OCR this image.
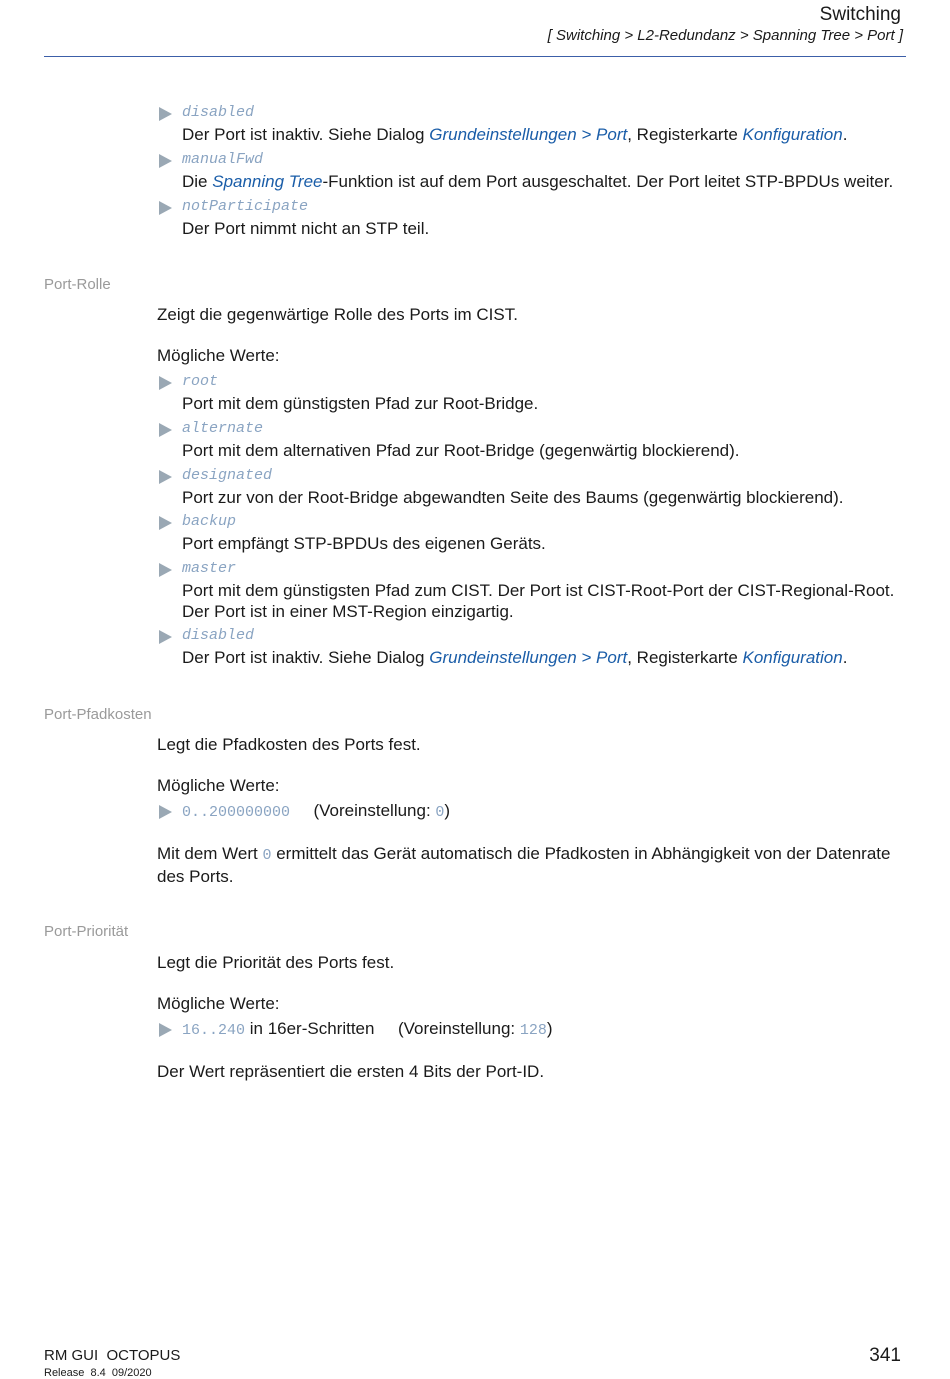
Switching
[ Switching > L2-Redundanz > Spanning Tree > Port ]
disabled
Der Port ist inaktiv. Siehe Dialog Grundeinstellungen > Port, Registerkarte Konfiguration.
manualFwd
Die Spanning Tree-Funktion ist auf dem Port ausgeschaltet. Der Port leitet STP-BPDUs weiter.
notParticipate
Der Port nimmt nicht an STP teil.
Port-Rolle
Zeigt die gegenwärtige Rolle des Ports im CIST.
Mögliche Werte:
root
Port mit dem günstigsten Pfad zur Root-Bridge.
alternate
Port mit dem alternativen Pfad zur Root-Bridge (gegenwärtig blockierend).
designated
Port zur von der Root-Bridge abgewandten Seite des Baums (gegenwärtig blockierend).
backup
Port empfängt STP-BPDUs des eigenen Geräts.
master
Port mit dem günstigsten Pfad zum CIST. Der Port ist CIST-Root-Port der CIST-Regional-Root.
Der Port ist in einer MST-Region einzigartig.
disabled
Der Port ist inaktiv. Siehe Dialog Grundeinstellungen > Port, Registerkarte Konfiguration.
Port-Pfadkosten
Legt die Pfadkosten des Ports fest.
Mögliche Werte:
0..200000000 (Voreinstellung: 0)
Mit dem Wert 0 ermittelt das Gerät automatisch die Pfadkosten in Abhängigkeit von der Datenrate
des Ports.
Port-Priorität
Legt die Priorität des Ports fest.
Mögliche Werte:
16..240 in 16er-Schritten (Voreinstellung: 128)
Der Wert repräsentiert die ersten 4 Bits der Port-ID.
RM GUI  OCTOPUS
Release  8.4  09/2020
341
